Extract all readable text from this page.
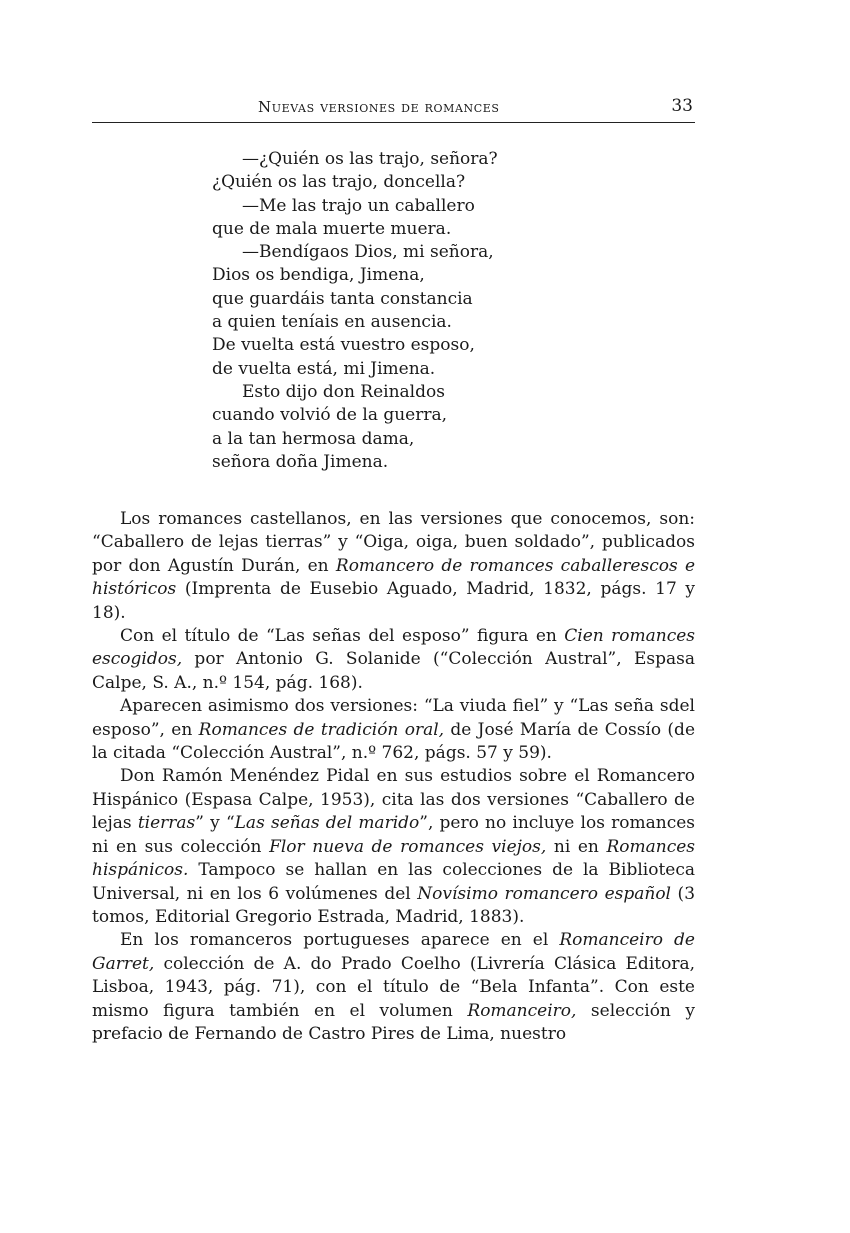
Nuevas versiones de romances	33
—¿Quién os las trajo, señora?
¿Quién os las trajo, doncella?
—Me las trajo un caballero
que de mala muerte muera.
—Bendígaos Dios, mi señora,
Dios os bendiga, Jimena,
que guardáis tanta constancia
a quien teníais en ausencia.
De vuelta está vuestro esposo,
de vuelta está, mi Jimena.
Esto dijo don Reinaldos
cuando volvió de la guerra,
a la tan hermosa dama,
señora doña Jimena.

Los romances castellanos, en las versiones que conocemos, son: “Caballero de lejas tierras” y “Oiga, oiga, buen soldado”, publicados por don Agustín Durán, en Romancero de romances caballerescos e históricos (Imprenta de Eusebio Aguado, Madrid, 1832, págs. 17 y 18).

Con el título de “Las señas del esposo” figura en Cien romances escogidos, por Antonio G. Solanide (“Colección Austral”, Espasa Calpe, S. A., n.º 154, pág. 168).

Aparecen asimismo dos versiones: “La viuda fiel” y “Las seña sdel esposo”, en Romances de tradición oral, de José María de Cossío (de la citada “Colección Austral”, n.º 762, págs. 57 y 59).

Don Ramón Menéndez Pidal en sus estudios sobre el Romancero Hispánico (Espasa Calpe, 1953), cita las dos versiones “Caballero de lejas tierras” y “Las señas del marido”, pero no incluye los romances ni en sus colección Flor nueva de romances viejos, ni en Romances hispánicos. Tampoco se hallan en las colecciones de la Biblioteca Universal, ni en los 6 volúmenes del Novísimo romancero español (3 tomos, Editorial Gregorio Estrada, Madrid, 1883).

En los romanceros portugueses aparece en el Romanceiro de Garret, colección de A. do Prado Coelho (Livrería Clásica Editora, Lisboa, 1943, pág. 71), con el título de “Bela Infanta”. Con este mismo figura también en el volumen Romanceiro, selección y prefacio de Fernando de Castro Pires de Lima, nuestro
